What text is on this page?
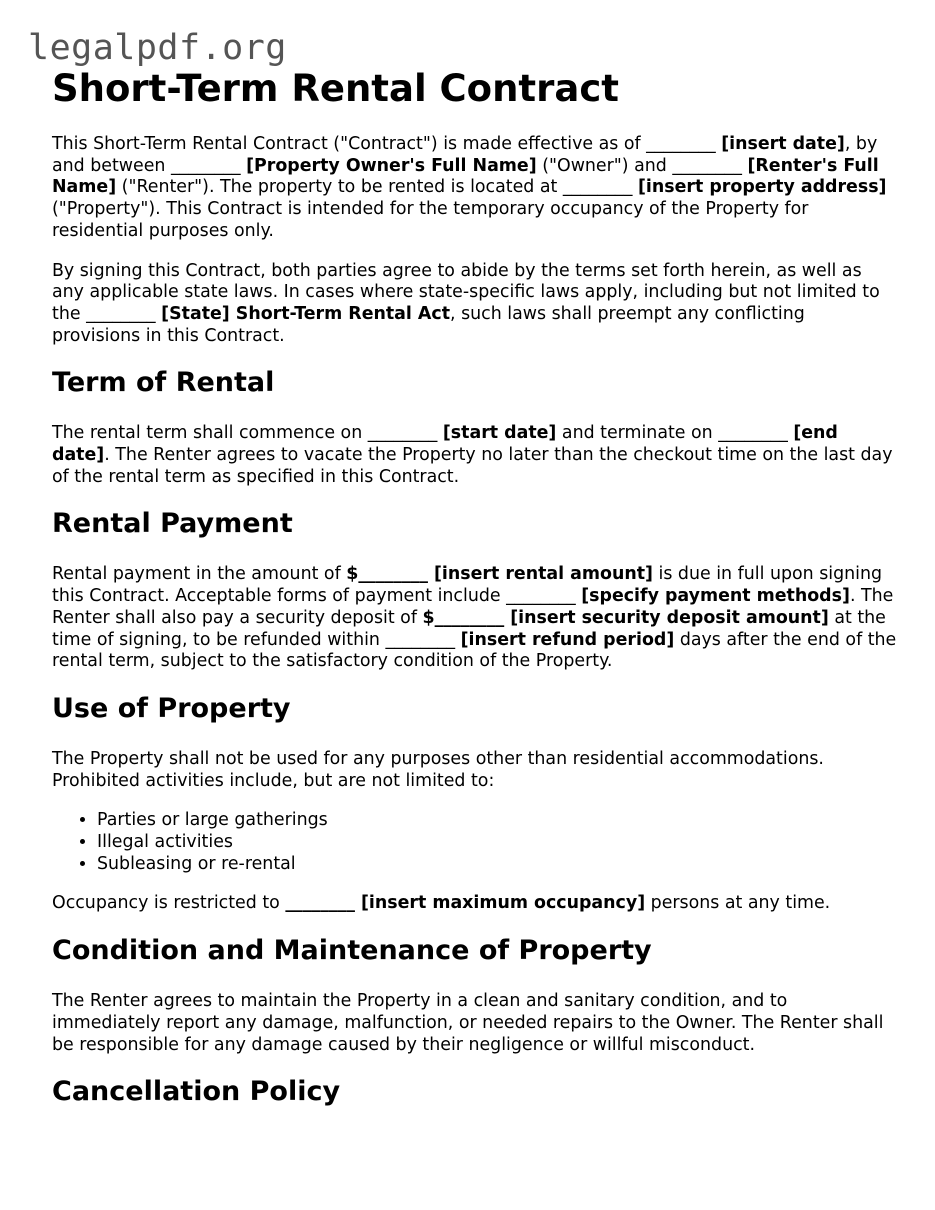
legalpdf.org
Short-Term Rental Contract

This Short-Term Rental Contract ("Contract") is made effective as of ________ [insert date], by and between ________ [Property Owner's Full Name] ("Owner") and ________ [Renter's Full Name] ("Renter"). The property to be rented is located at ________ [insert property address] ("Property"). This Contract is intended for the temporary occupancy of the Property for residential purposes only.

By signing this Contract, both parties agree to abide by the terms set forth herein, as well as any applicable state laws. In cases where state-specific laws apply, including but not limited to the ________ [State] Short-Term Rental Act, such laws shall preempt any conflicting provisions in this Contract.

Term of Rental

The rental term shall commence on ________ [start date] and terminate on ________ [end date]. The Renter agrees to vacate the Property no later than the checkout time on the last day of the rental term as specified in this Contract.

Rental Payment

Rental payment in the amount of $________ [insert rental amount] is due in full upon signing this Contract. Acceptable forms of payment include ________ [specify payment methods]. The Renter shall also pay a security deposit of $________ [insert security deposit amount] at the time of signing, to be refunded within ________ [insert refund period] days after the end of the rental term, subject to the satisfactory condition of the Property.

Use of Property

The Property shall not be used for any purposes other than residential accommodations. Prohibited activities include, but are not limited to:

• Parties or large gatherings
• Illegal activities
• Subleasing or re-rental

Occupancy is restricted to ________ [insert maximum occupancy] persons at any time.

Condition and Maintenance of Property

The Renter agrees to maintain the Property in a clean and sanitary condition, and to immediately report any damage, malfunction, or needed repairs to the Owner. The Renter shall be responsible for any damage caused by their negligence or willful misconduct.

Cancellation Policy
